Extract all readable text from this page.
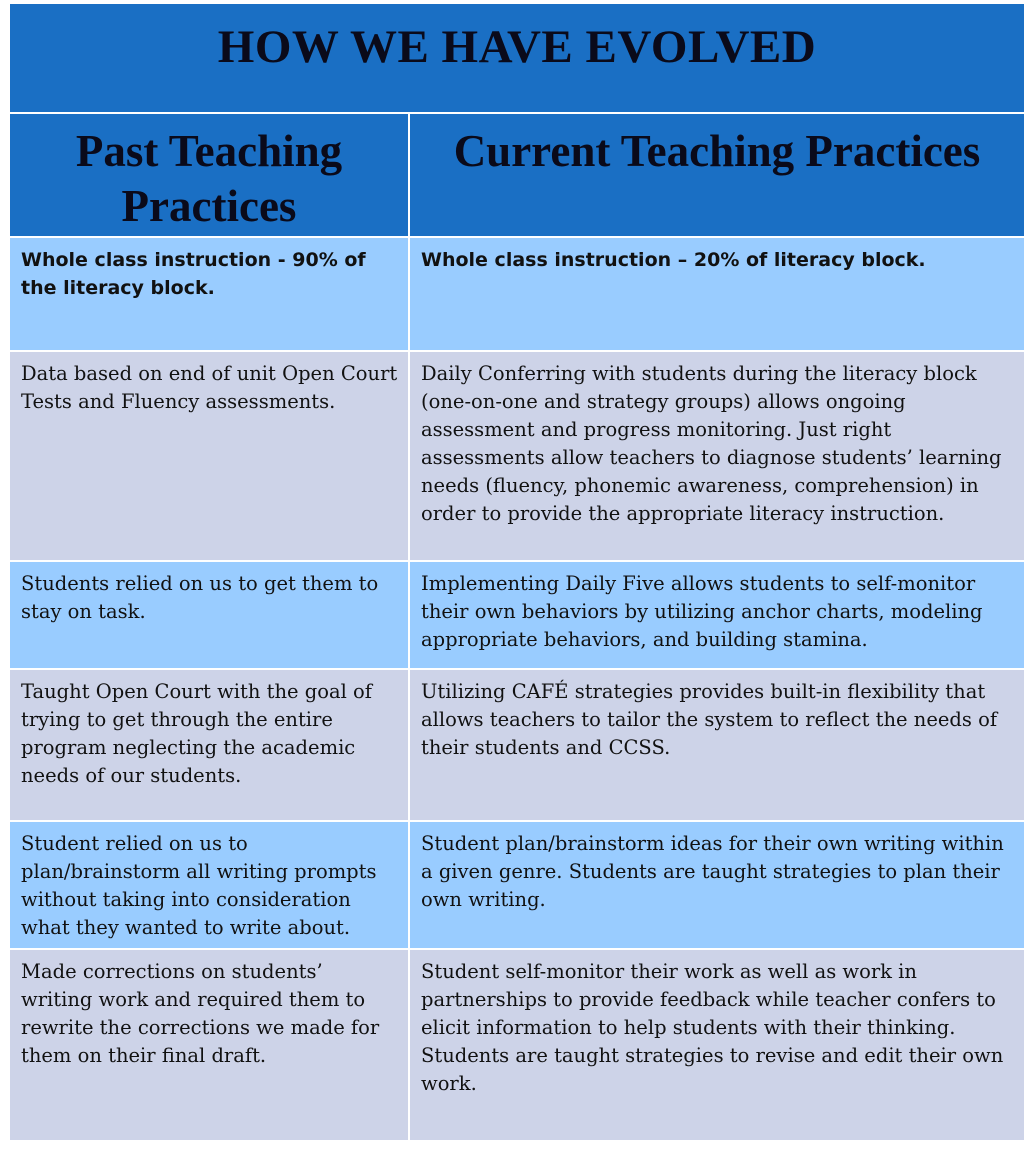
HOW WE HAVE EVOLVED	

Past Teaching Practices	Current Teaching Practices

Whole class instruction - 90% of the literacy block.	Whole class instruction – 20% of literacy block.
Data based on end of unit Open Court Tests and Fluency assessments.	Daily Conferring with students during the literacy block (one-on-one and strategy groups) allows ongoing assessment and progress monitoring. Just right assessments allow teachers to diagnose students’ learning needs (fluency, phonemic awareness, comprehension) in order to provide the appropriate literacy instruction.
Students relied on us to get them to stay on task.	Implementing Daily Five allows students to self-monitor their own behaviors by utilizing anchor charts, modeling appropriate behaviors, and building stamina.
Taught Open Court with the goal of trying to get through the entire program neglecting the academic needs of our students.	Utilizing CAFÉ strategies provides built-in flexibility that allows teachers to tailor the system to reflect the needs of their students and CCSS.
Student relied on us to plan/brainstorm all writing prompts without taking into consideration what they wanted to write about.	Student plan/brainstorm ideas for their own writing within a given genre. Students are taught strategies to plan their own writing.
Made corrections on students’ writing work and required them to rewrite the corrections we made for them on their final draft.	Student self-monitor their work as well as work in partnerships to provide feedback while teacher confers to elicit information to help students with their thinking. Students are taught strategies to revise and edit their own work.
